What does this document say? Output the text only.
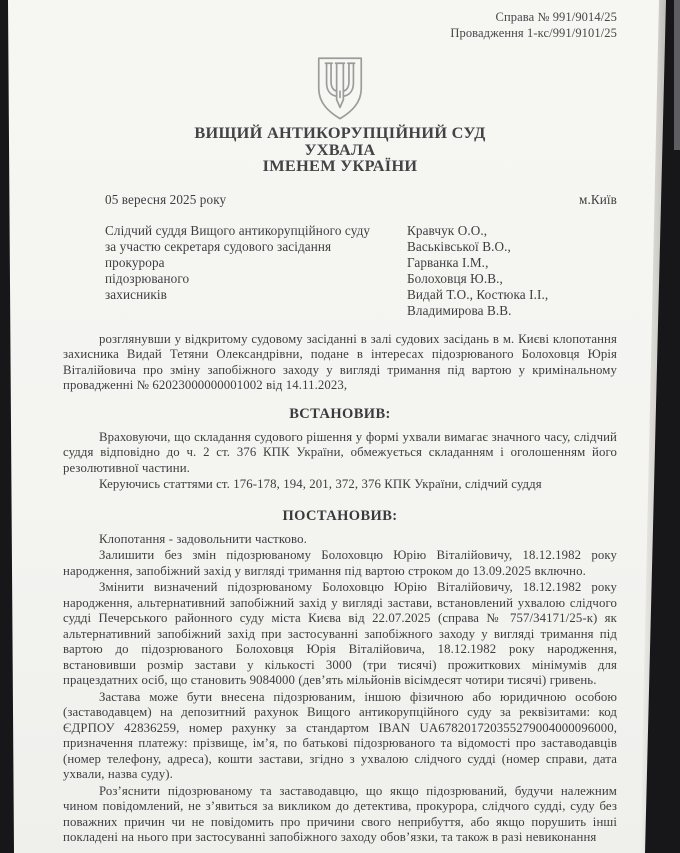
Справа № 991/9014/25
Провадження 1-кс/991/9101/25
ВИЩИЙ АНТИКОРУПЦІЙНИЙ СУД
УХВАЛА
ІМЕНЕМ УКРАЇНИ
05 вересня 2025 року	м.Київ
Слідчий суддя Вищого антикорупційного суду	Кравчук О.О.,
за участю секретаря судового засідання	Васьківської В.О.,
прокурора	Гарванка І.М.,
підозрюваного	Болоховця Ю.В.,
захисників	Видай Т.О., Костюка І.І.,
Владимирова В.В.

розглянувши у відкритому судовому засіданні в залі судових засідань в м. Києві клопотання захисника Видай Тетяни Олександрівни, подане в інтересах підозрюваного Болоховця Юрія Віталійовича про зміну запобіжного заходу у вигляді тримання під вартою у кримінальному провадженні № 62023000000001002 від 14.11.2023,

ВСТАНОВИВ:

Враховуючи, що складання судового рішення у формі ухвали вимагає значного часу, слідчий суддя відповідно до ч. 2 ст. 376 КПК України, обмежується складанням і оголошенням його резолютивної частини.

Керуючись статтями ст. 176-178, 194, 201, 372, 376 КПК України, слідчий суддя

ПОСТАНОВИВ:

Клопотання - задовольнити частково.

Залишити без змін підозрюваному Болоховцю Юрію Віталійовичу, 18.12.1982 року народження, запобіжний захід у вигляді тримання під вартою строком до 13.09.2025 включно.

Змінити визначений підозрюваному Болоховцю Юрію Віталійовичу, 18.12.1982 року народження, альтернативний запобіжний захід у вигляді застави, встановлений ухвалою слідчого судді Печерського районного суду міста Києва від 22.07.2025 (справа № 757/34171/25-к) як альтернативний запобіжний захід при застосуванні запобіжного заходу у вигляді тримання під вартою до підозрюваного Болоховця Юрія Віталійовича, 18.12.1982 року народження, встановивши розмір застави у кількості 3000 (три тисячі) прожиткових мінімумів для працездатних осіб, що становить 9084000 (дев’ять мільйонів вісімдесят чотири тисячі) гривень.

Застава може бути внесена підозрюваним, іншою фізичною або юридичною особою (заставодавцем) на депозитний рахунок Вищого антикорупційного суду за реквізитами: код ЄДРПОУ 42836259, номер рахунку за стандартом IBAN UA678201720355279004000096000, призначення платежу: прізвище, ім’я, по батькові підозрюваного та відомості про заставодавців (номер телефону, адреса), кошти застави, згідно з ухвалою слідчого судді (номер справи, дата ухвали, назва суду).

Роз’яснити підозрюваному та заставодавцю, що якщо підозрюваний, будучи належним чином повідомлений, не з’явиться за викликом до детектива, прокурора, слідчого судді, суду без поважних причин чи не повідомить про причини свого неприбуття, або якщо порушить інші покладені на нього при застосуванні запобіжного заходу обов’язки, та також в разі невиконання
